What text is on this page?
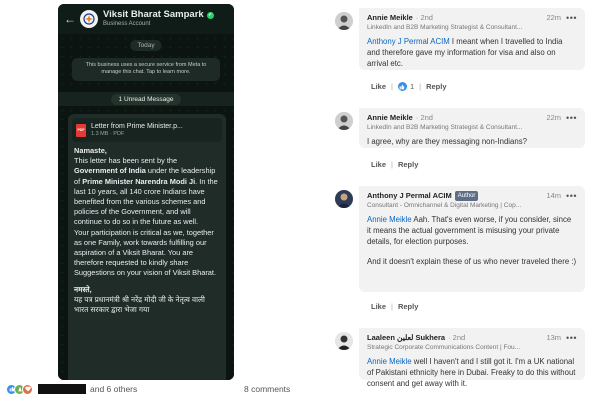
←	Viksit Bharat Sampark ✓
Business Account
Today
This business uses a secure service from Meta to manage this chat. Tap to learn more.
1 Unread Message
PDF Letter from Prime Minister.p...
1.3 MB · PDF

Namaste,

This letter has been sent by the Government of India under the leadership of Prime Minister Narendra Modi Ji. In the last 10 years, all 140 crore Indians have benefited from the various schemes and policies of the Government, and will continue to do so in the future as well.

Your participation is critical as we, together as one Family, work towards fulfilling our aspiration of a Viksit Bharat. You are therefore requested to kindly share Suggestions on your vision of Viksit Bharat.

नमस्ते,

यह पत्र प्रधानमंत्री श्री नरेंद्र मोदी जी के नेतृत्व वाली भारत सरकार द्वारा भेजा गया

Annie Meikle · 2nd	22m •••
LinkedIn and B2B Marketing Strategist & Consultant...
Anthony J Permal ACIM I meant when I travelled to India and therefore gave my information for visa and also on arrival etc.
Like | 1 | Reply
Annie Meikle · 2nd	22m •••
LinkedIn and B2B Marketing Strategist & Consultant...
I agree, why are they messaging non-Indians?
Like | Reply
Anthony J Permal ACIM	Author	14m •••
Consultant - Omnichannel & Digital Marketing | Cop...
Annie Meikle Aah. That's even worse, if you consider, since it means the actual government is misusing your private details, for election purposes.
And it doesn't explain these of us who never traveled there :)
Like | Reply
Laaleen لعلين Sukhera · 2nd	13m •••
Strategic Corporate Communications Content | Fou...
Annie Meikle well I haven't and I still got it. I'm a UK national of Pakistani ethnicity here in Dubai. Freaky to do this without consent and get away with it.
and 6 others	8 comments
